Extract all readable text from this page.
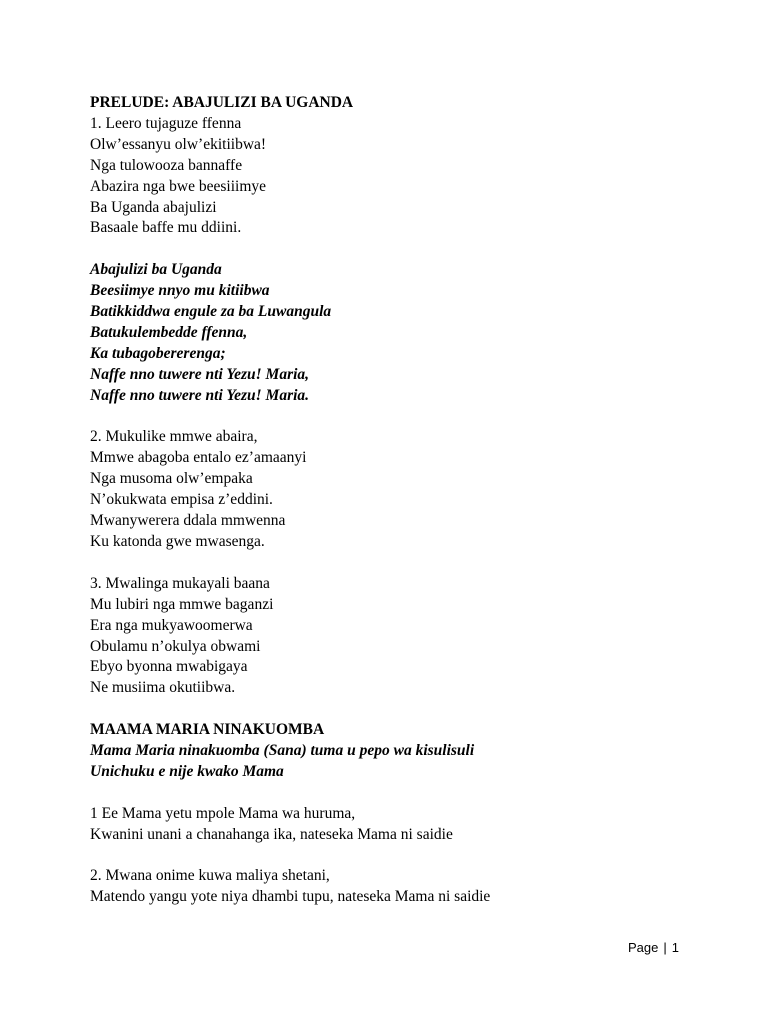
PRELUDE: ABAJULIZI BA UGANDA
1. Leero tujaguze ffenna
Olw’essanyu olw’ekitiibwa!
Nga tulowooza bannaffe
Abazira nga bwe beesiiimye
Ba Uganda abajulizi
Basaale baffe mu ddiini.
Abajulizi ba Uganda
Beesiimye nnyo mu kitiibwa
Batikkiddwa engule za ba Luwangula
Batukulembedde ffenna,
Ka tubagobererenga;
Naffe nno tuwere nti Yezu! Maria,
Naffe nno tuwere nti Yezu! Maria.
2. Mukulike mmwe abaira,
Mmwe abagoba entalo ez’amaanyi
Nga musoma olw’empaka
N’okukwata empisa z’eddini.
Mwanywerera ddala mmwenna
Ku katonda gwe mwasenga.
3. Mwalinga mukayali baana
Mu lubiri nga mmwe baganzi
Era nga mukyawoomerwa
Obulamu n’okulya obwami
Ebyo byonna mwabigaya
Ne musiima okutiibwa.
MAAMA MARIA NINAKUOMBA
Mama Maria ninakuomba (Sana) tuma u pepo wa kisulisuli
Unichuku e nije kwako Mama
1 Ee Mama yetu mpole Mama wa huruma,
Kwanini unani a chanahanga ika, nateseka Mama ni saidie
2. Mwana onime kuwa maliya shetani,
Matendo yangu yote niya dhambi tupu, nateseka Mama ni saidie
Page | 1
